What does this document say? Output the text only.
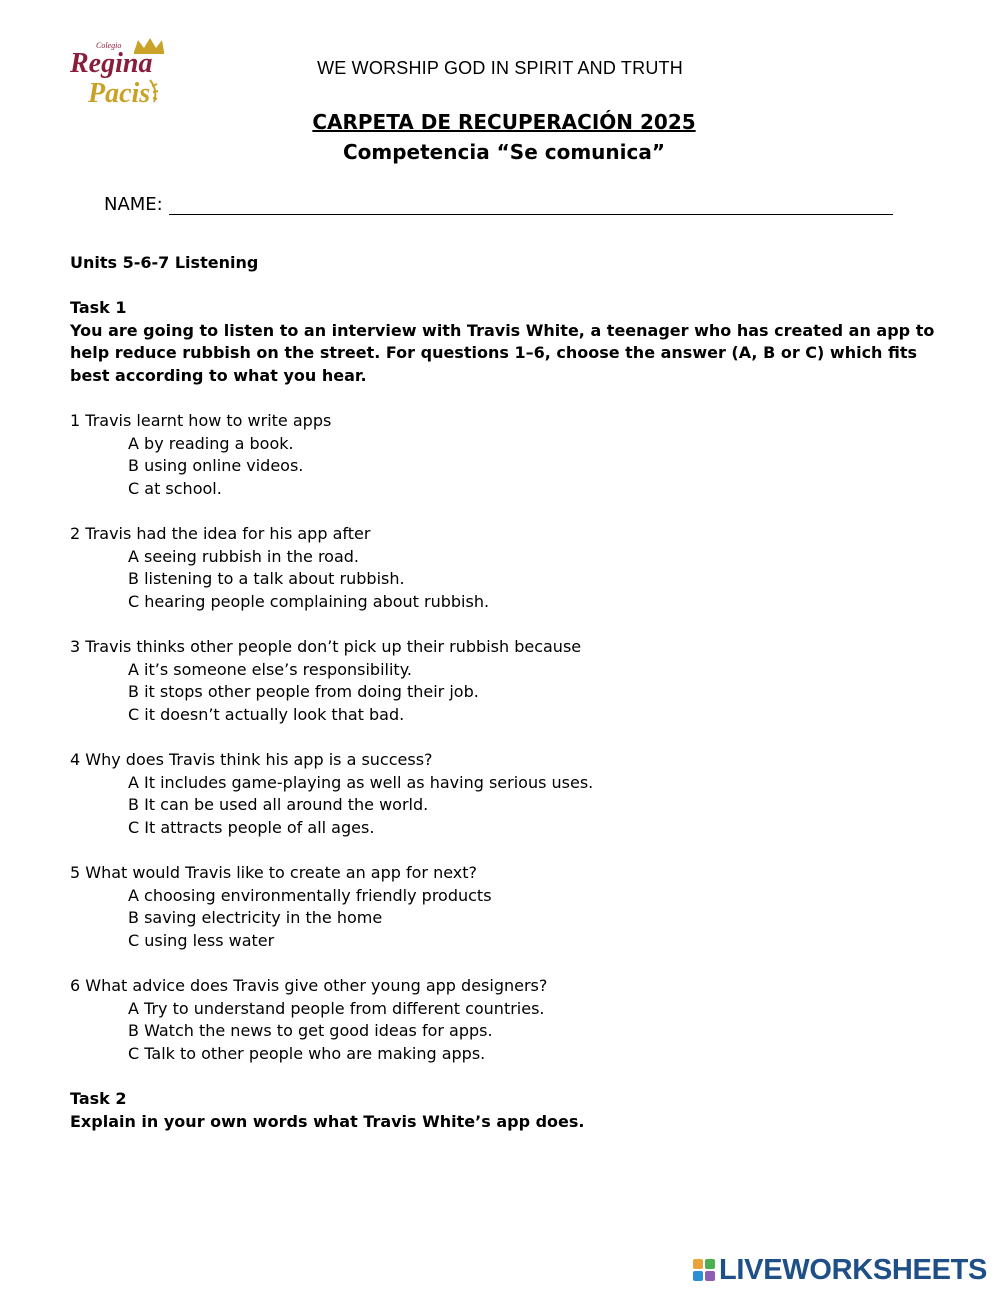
Colegio
Regina
Pacis
WE WORSHIP GOD IN SPIRIT AND TRUTH
CARPETA DE RECUPERACIÓN 2025
Competencia “Se comunica”
NAME:
Units 5-6-7 Listening
Task 1
You are going to listen to an interview with Travis White, a teenager who has created an app to help reduce rubbish on the street. For questions 1–6, choose the answer (A, B or C) which fits best according to what you hear.
1 Travis learnt how to write apps
A by reading a book.
B using online videos.
C at school.
2 Travis had the idea for his app after
A seeing rubbish in the road.
B listening to a talk about rubbish.
C hearing people complaining about rubbish.
3 Travis thinks other people don’t pick up their rubbish because
A it’s someone else’s responsibility.
B it stops other people from doing their job.
C it doesn’t actually look that bad.
4 Why does Travis think his app is a success?
A It includes game-playing as well as having serious uses.
B It can be used all around the world.
C It attracts people of all ages.
5 What would Travis like to create an app for next?
A choosing environmentally friendly products
B saving electricity in the home
C using less water
6 What advice does Travis give other young app designers?
A Try to understand people from different countries.
B Watch the news to get good ideas for apps.
C Talk to other people who are making apps.
Task 2
Explain in your own words what Travis White’s app does.
LIVEWORKSHEETS
